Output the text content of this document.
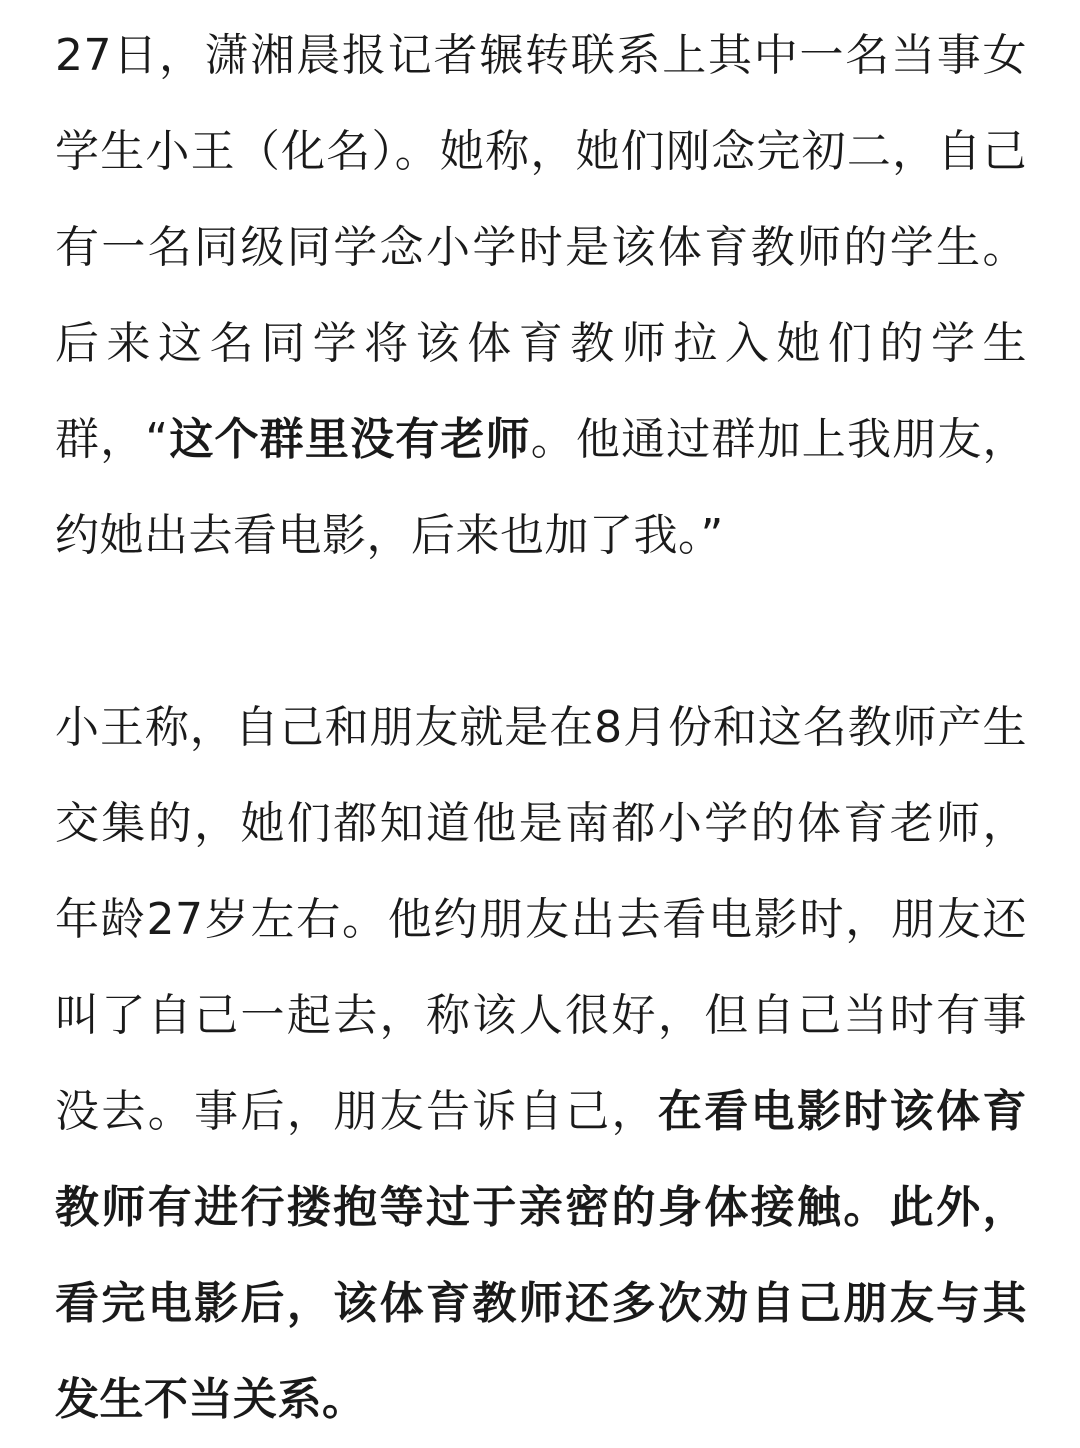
27日，潇湘晨报记者辗转联系上其中一名当事女学生小王（化名）。她称，她们刚念完初二，自己有一名同级同学念小学时是该体育教师的学生。后来这名同学将该体育教师拉入她们的学生群，“这个群里没有老师。他通过群加上我朋友，约她出去看电影，后来也加了我。”

小王称，自己和朋友就是在8月份和这名教师产生交集的，她们都知道他是南都小学的体育老师，年龄27岁左右。他约朋友出去看电影时，朋友还叫了自己一起去，称该人很好，但自己当时有事没去。事后，朋友告诉自己，在看电影时该体育教师有进行搂抱等过于亲密的身体接触。此外，看完电影后，该体育教师还多次劝自己朋友与其发生不当关系。
